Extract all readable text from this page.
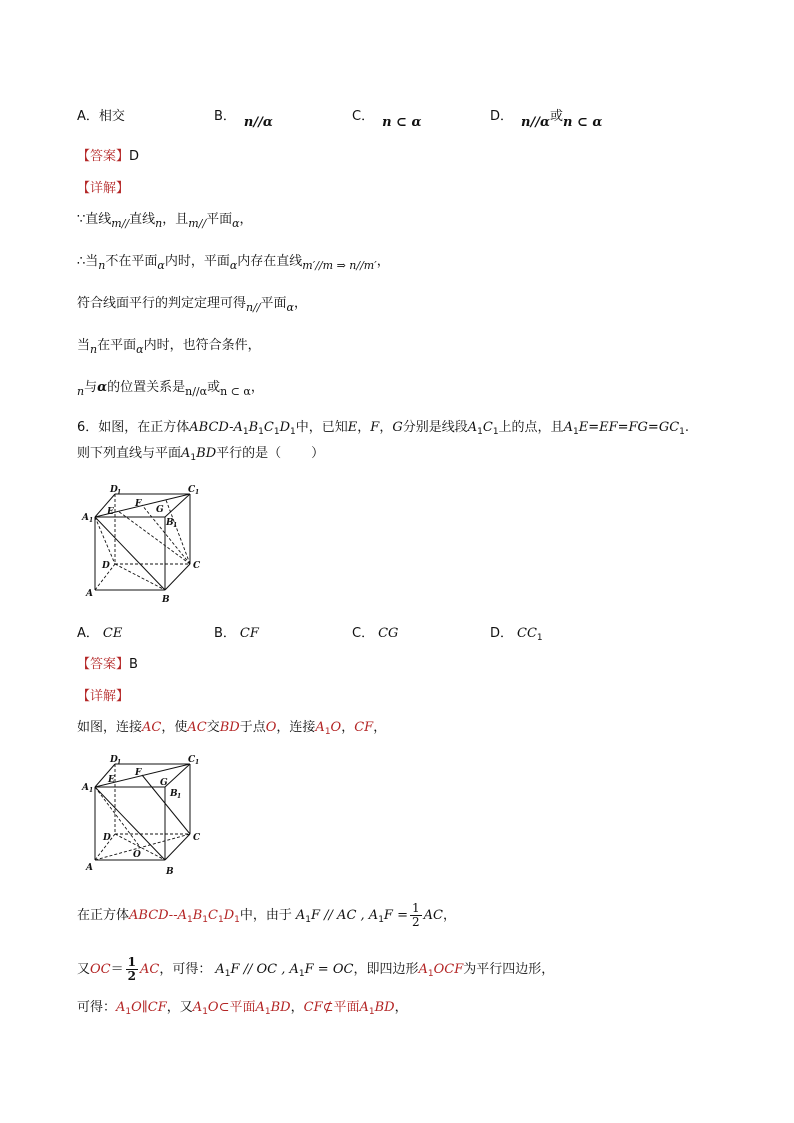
A．相交	B． n//α	C． n ⊂ α	D． n//α或n ⊂ α
【答案】D
【详解】
∵直线$_{m//}$直线$_n$，且$_{m//}$平面$_\alpha$，
∴当$_n$不在平面$_\alpha$内时，平面$_\alpha$内存在直线$_{m'//m \Rightarrow n//m'}$，
符合线面平行的判定定理可得$_{n//}$平面$_\alpha$，
当$_n$在平面$_\alpha$内时，也符合条件，
$_n$与α的位置关系是$_{n//\alpha}$或$_{n \subset \alpha}$，
6．如图，在正方体ABCD-$A_1B_1C_1D_1$中，已知E，F，G分别是线段$A_1C_1$上的点，且$A_1E=EF=FG=GC_1$.
则下列直线与平面$A_1BD$平行的是（ ）
D 1	C 1
A 1	B 1
E
F
G
D	C
A
B
A． CE	B． CF	C． CG	D． $CC_1$
【答案】B
【详解】
如图，连接AC，使AC交BD于点O，连接$A_1O$，CF，
D 1	C 1
A 1	B 1
E
F
G
D	C
A	B
O
在正方体ABCD-$-A_1B_1C_1D_1$中，由于 $A_1F$ // AC , $A_1F = \frac{1}{2}$ AC，
又$OC= \frac{1}{2}$ AC，可得： $A_1F$ // OC , $A_1F$ = OC，即四边形$A_1OCF$为平行四边形，
可得：$A_1O\parallel CF$，又$A_1O\subset$平面$A_1BD$，CF⊄平面$A_1BD$，
